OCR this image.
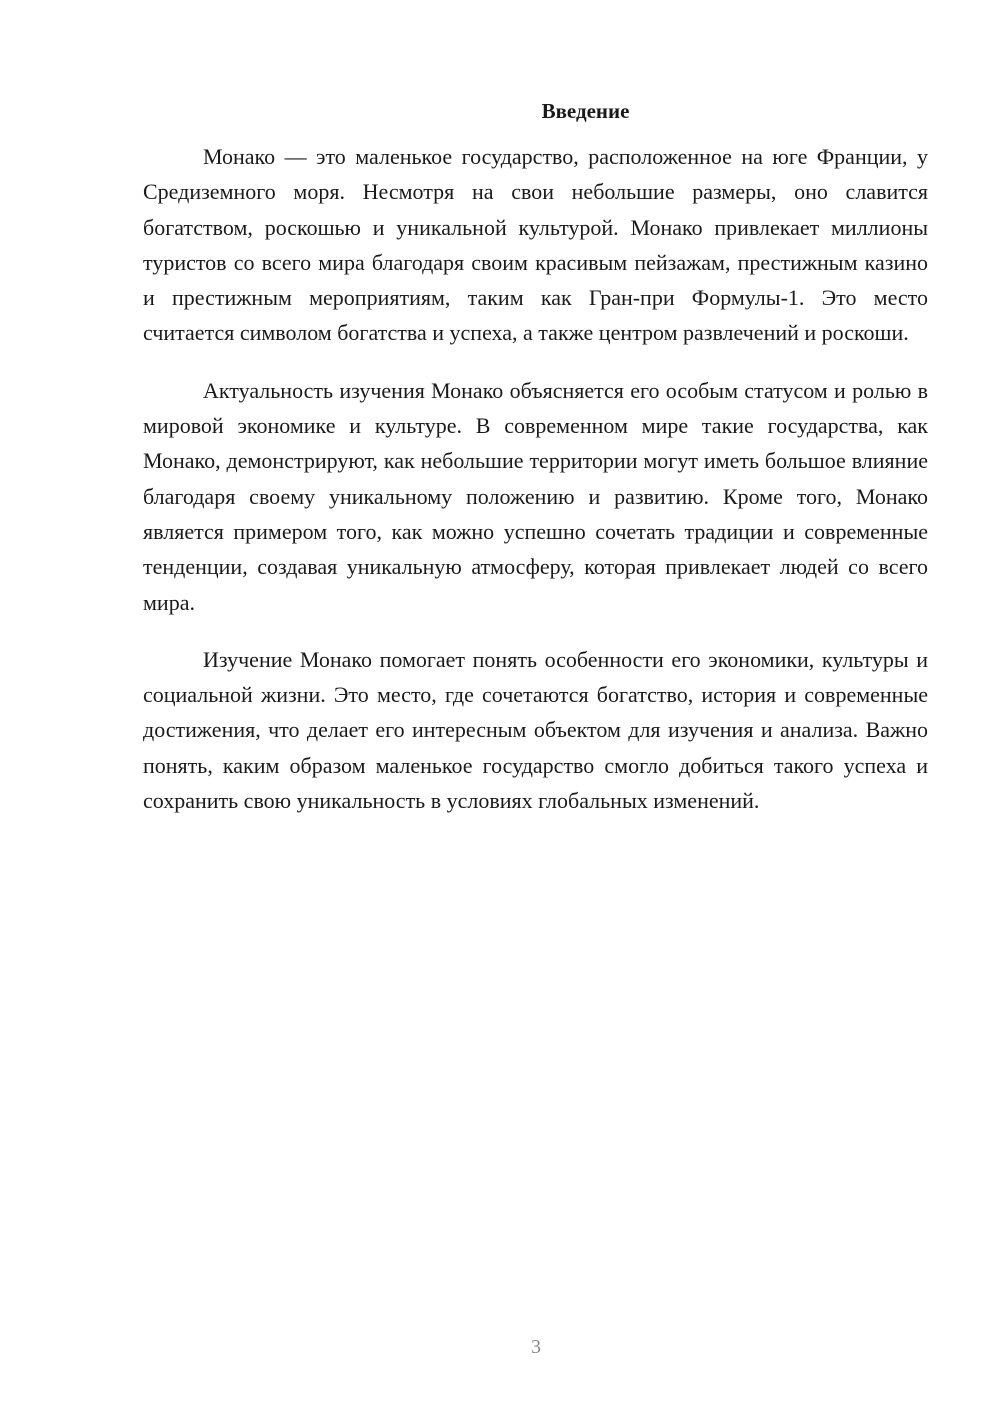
Введение

Монако — это маленькое государство, расположенное на юге Франции, у Средиземного моря. Несмотря на свои небольшие размеры, оно славится богатством, роскошью и уникальной культурой. Монако привлекает миллионы туристов со всего мира благодаря своим красивым пейзажам, престижным казино и престижным мероприятиям, таким как Гран-при Формулы-1. Это место считается символом богатства и успеха, а также центром развлечений и роскоши.

Актуальность изучения Монако объясняется его особым статусом и ролью в мировой экономике и культуре. В современном мире такие государства, как Монако, демонстрируют, как небольшие территории могут иметь большое влияние благодаря своему уникальному положению и развитию. Кроме того, Монако является примером того, как можно успешно сочетать традиции и современные тенденции, создавая уникальную атмосферу, которая привлекает людей со всего мира.

Изучение Монако помогает понять особенности его экономики, культуры и социальной жизни. Это место, где сочетаются богатство, история и современные достижения, что делает его интересным объектом для изучения и анализа. Важно понять, каким образом маленькое государство смогло добиться такого успеха и сохранить свою уникальность в условиях глобальных изменений.

3
